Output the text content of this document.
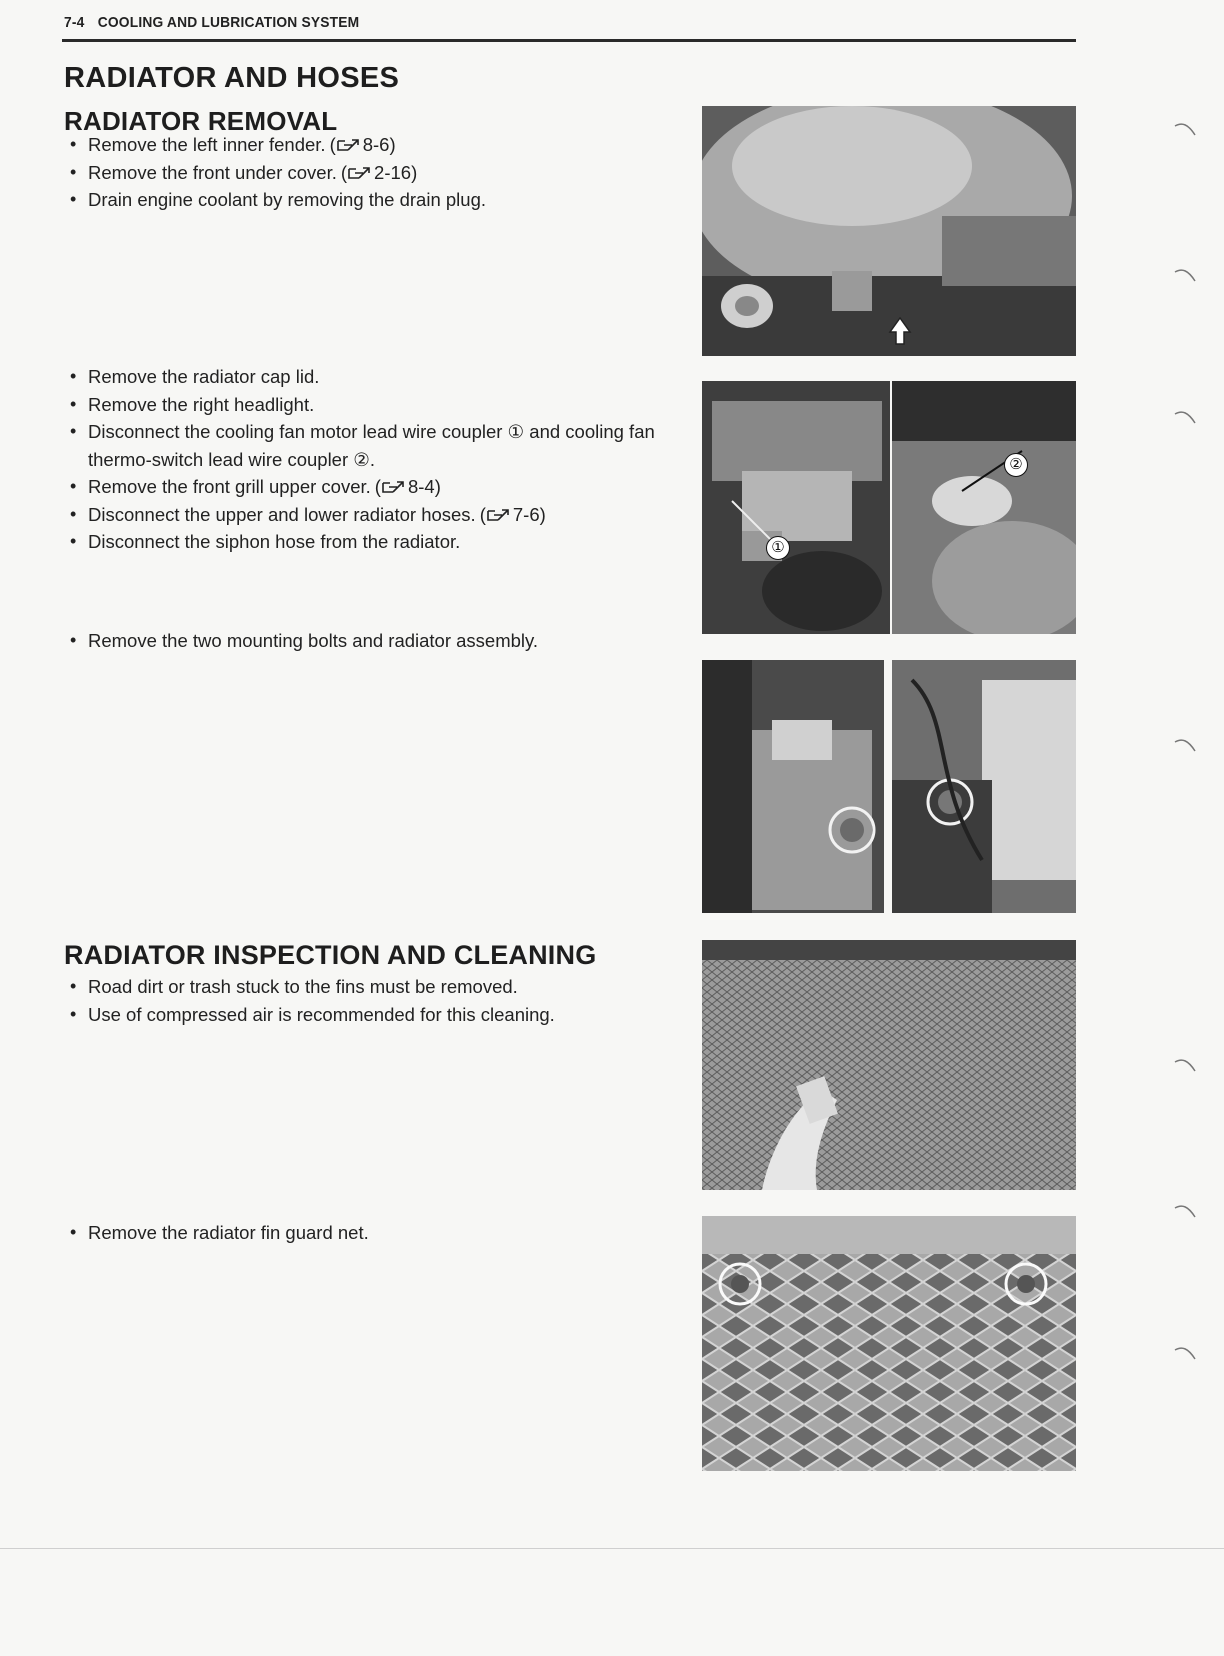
7-4 COOLING AND LUBRICATION SYSTEM
RADIATOR AND HOSES
RADIATOR REMOVAL
• Remove the left inner fender. ( 8-6)
• Remove the front under cover. ( 2-16)
• Drain engine coolant by removing the drain plug.
• Remove the radiator cap lid.
• Remove the right headlight.
• Disconnect the cooling fan motor lead wire coupler ① and cooling fan thermo-switch lead wire coupler ②.
• Remove the front grill upper cover. ( 8-4)
• Disconnect the upper and lower radiator hoses. ( 7-6)
• Disconnect the siphon hose from the radiator.
• Remove the two mounting bolts and radiator assembly.
RADIATOR INSPECTION AND CLEANING
• Road dirt or trash stuck to the fins must be removed.
• Use of compressed air is recommended for this cleaning.
• Remove the radiator fin guard net.
①
②
